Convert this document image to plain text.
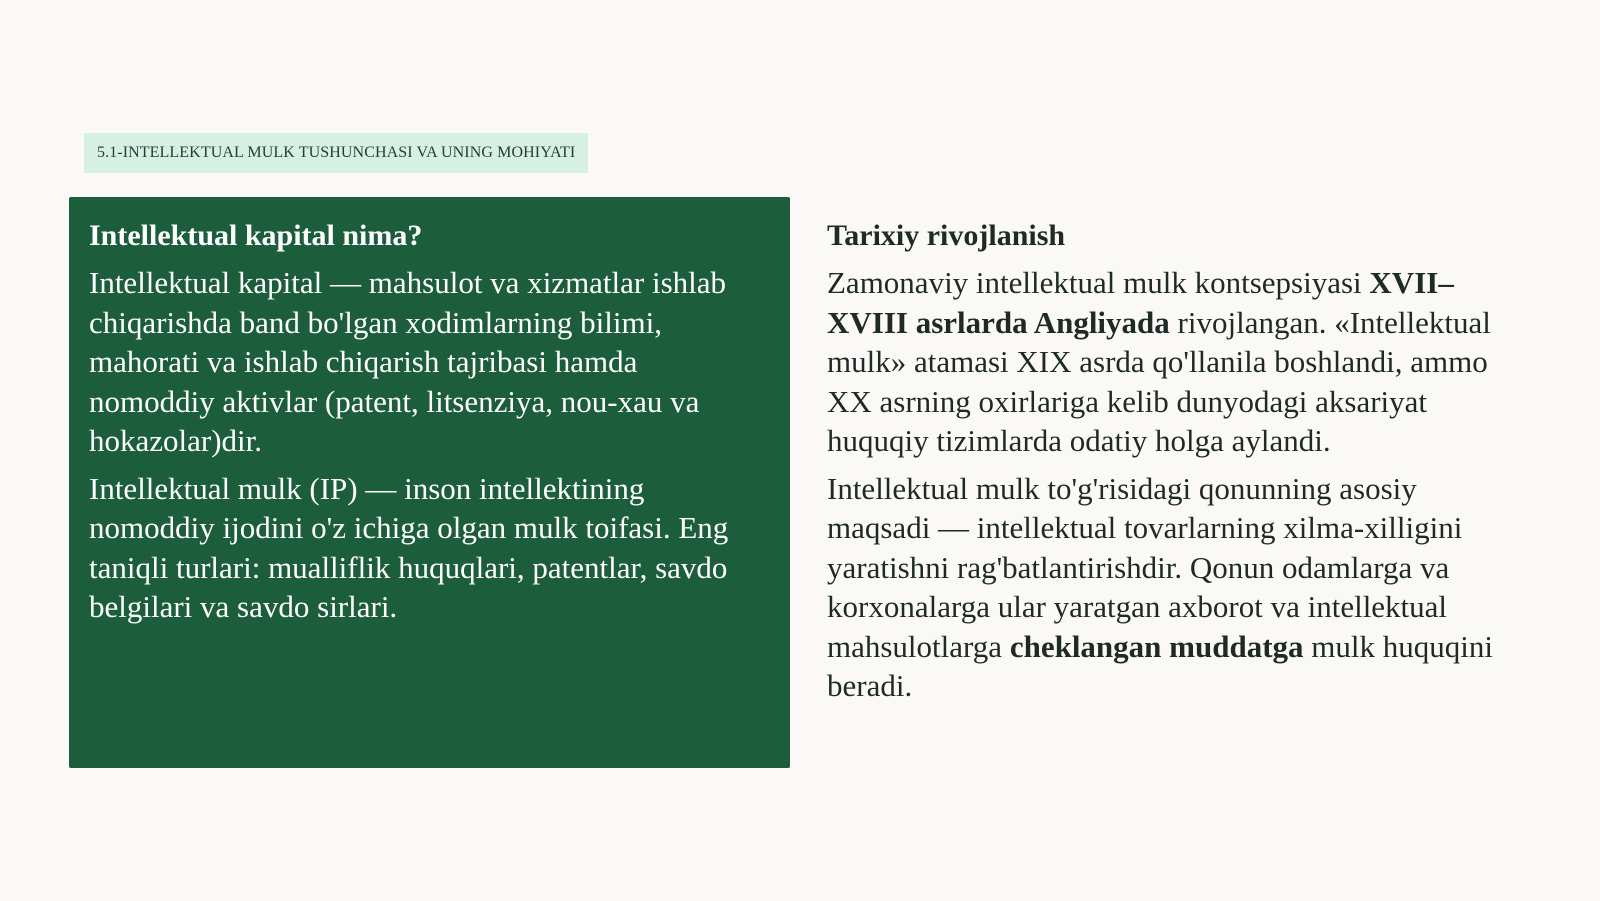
5.1-INTELLEKTUAL MULK TUSHUNCHASI VA UNING MOHIYATI
Intellektual kapital nima?

Intellektual kapital — mahsulot va xizmatlar ishlab chiqarishda band bo'lgan xodimlarning bilimi, mahorati va ishlab chiqarish tajribasi hamda nomoddiy aktivlar (patent, litsenziya, nou-xau va hokazolar)dir.

Intellektual mulk (IP) — inson intellektining nomoddiy ijodini o'z ichiga olgan mulk toifasi. Eng taniqli turlari: mualliflik huquqlari, patentlar, savdo belgilari va savdo sirlari.

Tarixiy rivojlanish

Zamonaviy intellektual mulk kontsepsiyasi XVII–XVIII asrlarda Angliyada rivojlangan. «Intellektual mulk» atamasi XIX asrda qo'llanila boshlandi, ammo XX asrning oxirlariga kelib dunyodagi aksariyat huquqiy tizimlarda odatiy holga aylandi.

Intellektual mulk to'g'risidagi qonunning asosiy maqsadi — intellektual tovarlarning xilma-xilligini yaratishni rag'batlantirishdir. Qonun odamlarga va korxonalarga ular yaratgan axborot va intellektual mahsulotlarga cheklangan muddatga mulk huquqini beradi.
